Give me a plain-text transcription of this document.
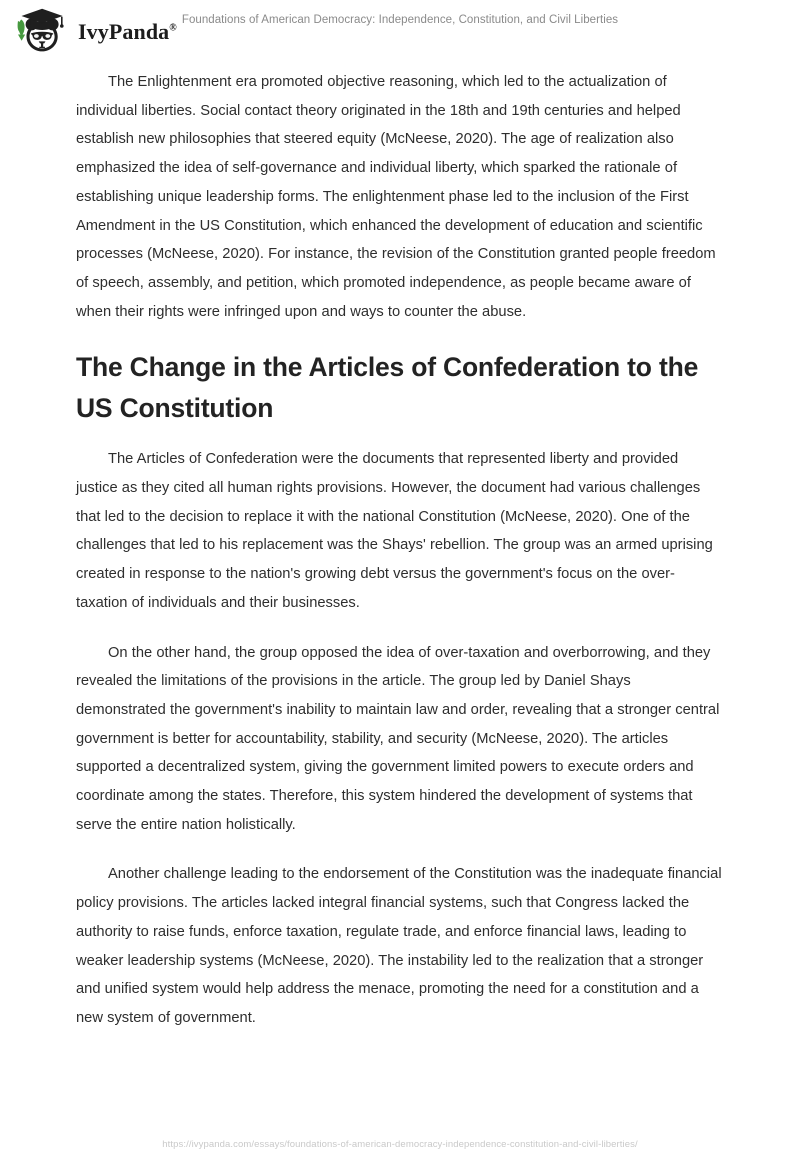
IvyPanda®
Foundations of American Democracy: Independence, Constitution, and Civil Liberties

The Enlightenment era promoted objective reasoning, which led to the actualization of individual liberties. Social contact theory originated in the 18th and 19th centuries and helped establish new philosophies that steered equity (McNeese, 2020). The age of realization also emphasized the idea of self-governance and individual liberty, which sparked the rationale of establishing unique leadership forms. The enlightenment phase led to the inclusion of the First Amendment in the US Constitution, which enhanced the development of education and scientific processes (McNeese, 2020). For instance, the revision of the Constitution granted people freedom of speech, assembly, and petition, which promoted independence, as people became aware of when their rights were infringed upon and ways to counter the abuse.

The Change in the Articles of Confederation to the US Constitution

The Articles of Confederation were the documents that represented liberty and provided justice as they cited all human rights provisions. However, the document had various challenges that led to the decision to replace it with the national Constitution (McNeese, 2020). One of the challenges that led to his replacement was the Shays' rebellion. The group was an armed uprising created in response to the nation's growing debt versus the government's focus on the over-taxation of individuals and their businesses.

On the other hand, the group opposed the idea of over-taxation and overborrowing, and they revealed the limitations of the provisions in the article. The group led by Daniel Shays demonstrated the government's inability to maintain law and order, revealing that a stronger central government is better for accountability, stability, and security (McNeese, 2020). The articles supported a decentralized system, giving the government limited powers to execute orders and coordinate among the states. Therefore, this system hindered the development of systems that serve the entire nation holistically.

Another challenge leading to the endorsement of the Constitution was the inadequate financial policy provisions. The articles lacked integral financial systems, such that Congress lacked the authority to raise funds, enforce taxation, regulate trade, and enforce financial laws, leading to weaker leadership systems (McNeese, 2020). The instability led to the realization that a stronger and unified system would help address the menace, promoting the need for a constitution and a new system of government.

https://ivypanda.com/essays/foundations-of-american-democracy-independence-constitution-and-civil-liberties/
